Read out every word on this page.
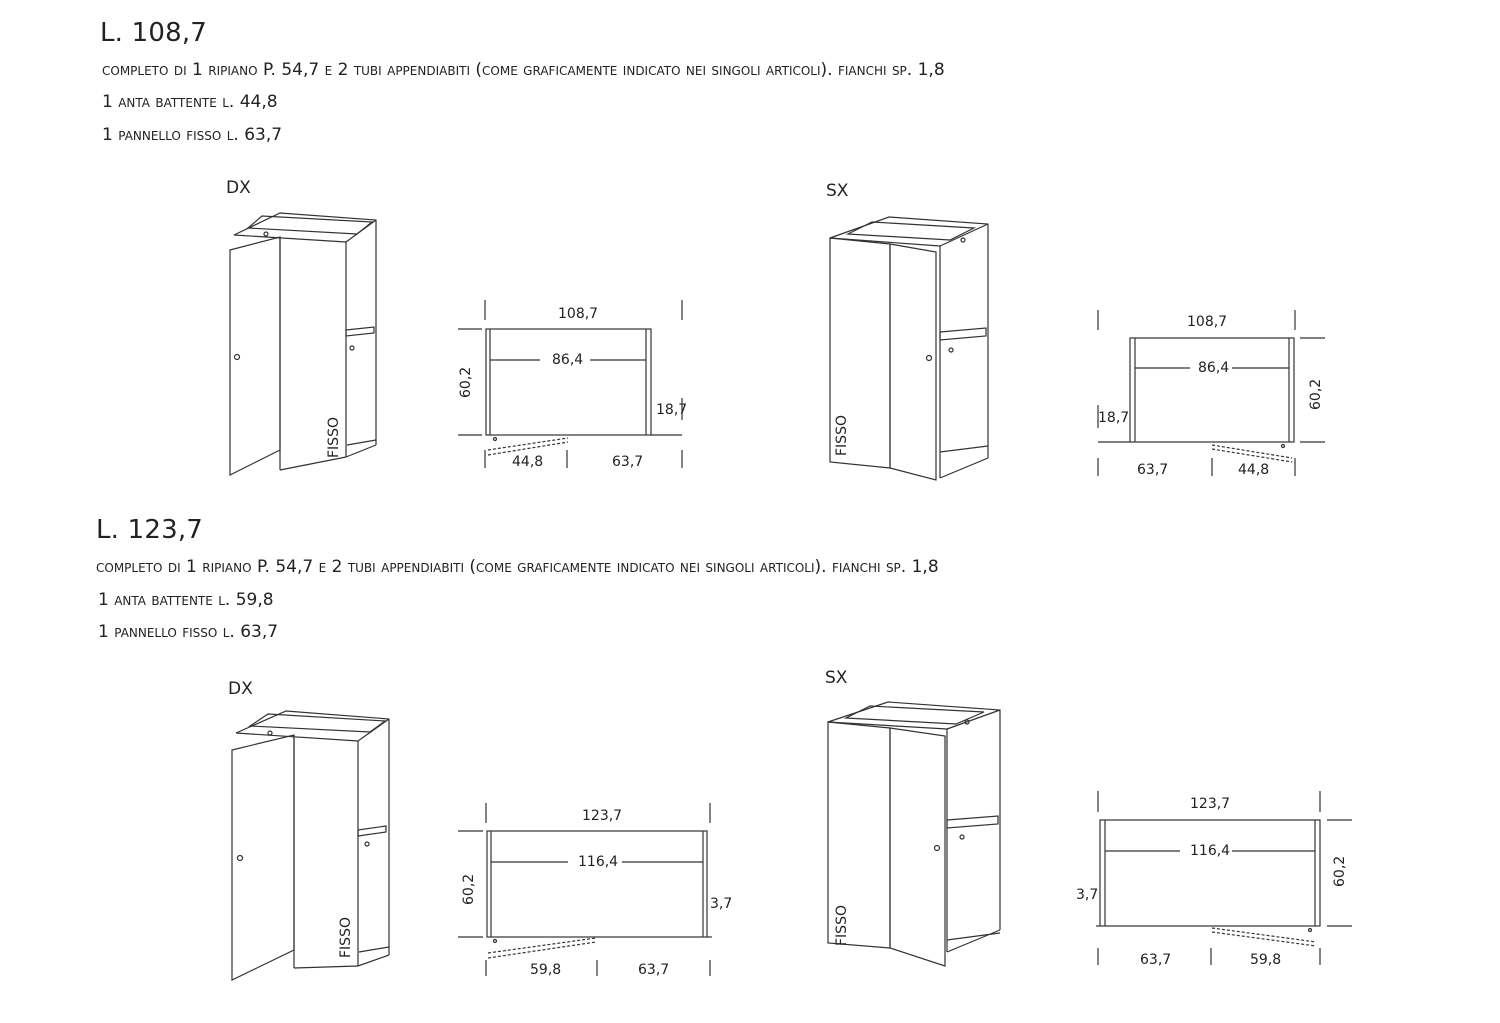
L. 108,7
completo di 1 ripiano P. 54,7 e 2 tubi appendiabiti (come graficamente indicato nei singoli articoli). fianchi sp. 1,8
1 anta battente l. 44,8
1 pannello fisso l. 63,7
DX
FISSO
108,7
86,4
60,2
18,7
44,8	63,7
SX
FISSO
108,7
86,4
60,2
18,7
63,7	44,8
L. 123,7
completo di 1 ripiano P. 54,7 e 2 tubi appendiabiti (come graficamente indicato nei singoli articoli). fianchi sp. 1,8
1 anta battente l. 59,8
1 pannello fisso l. 63,7
DX
FISSO
123,7
116,4
60,2	3,7
59,8	63,7
SX
FISSO
123,7
116,4
60,2
3,7
63,7	59,8
